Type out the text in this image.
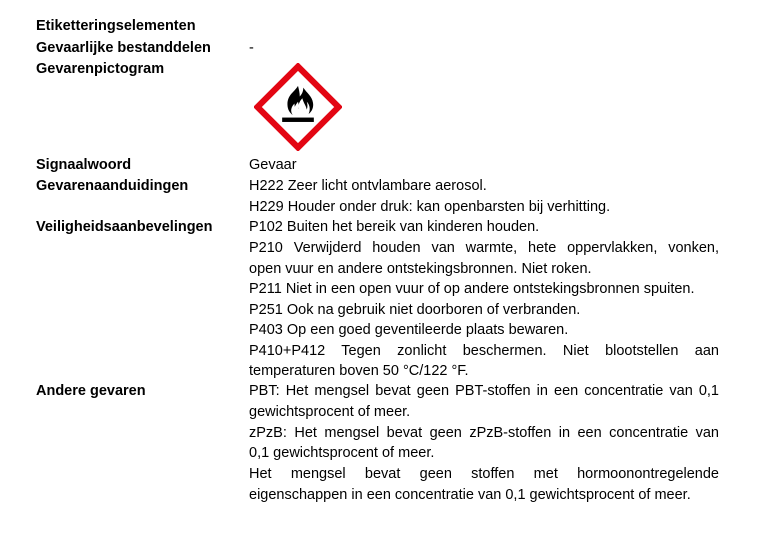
Etiketteringselementen
Gevaarlijke bestanddelen	-
Gevarenpictogram
Signaalwoord	Gevaar
Gevarenaanduidingen	H222 Zeer licht ontvlambare aerosol.
H229 Houder onder druk: kan openbarsten bij verhitting.
Veiligheidsaanbevelingen	P102 Buiten het bereik van kinderen houden.
P210 Verwijderd houden van warmte, hete oppervlakken, vonken,
open vuur en andere ontstekingsbronnen. Niet roken.
P211 Niet in een open vuur of op andere ontstekingsbronnen spuiten.
P251 Ook na gebruik niet doorboren of verbranden.
P403 Op een goed geventileerde plaats bewaren.
P410+P412 Tegen zonlicht beschermen. Niet blootstellen aan
temperaturen boven 50 °C/122 °F.
Andere gevaren	PBT: Het mengsel bevat geen PBT-stoffen in een concentratie van 0,1
gewichtsprocent of meer.
zPzB: Het mengsel bevat geen zPzB-stoffen in een concentratie van
0,1 gewichtsprocent of meer.
Het mengsel bevat geen stoffen met hormoonontregelende
eigenschappen in een concentratie van 0,1 gewichtsprocent of meer.
